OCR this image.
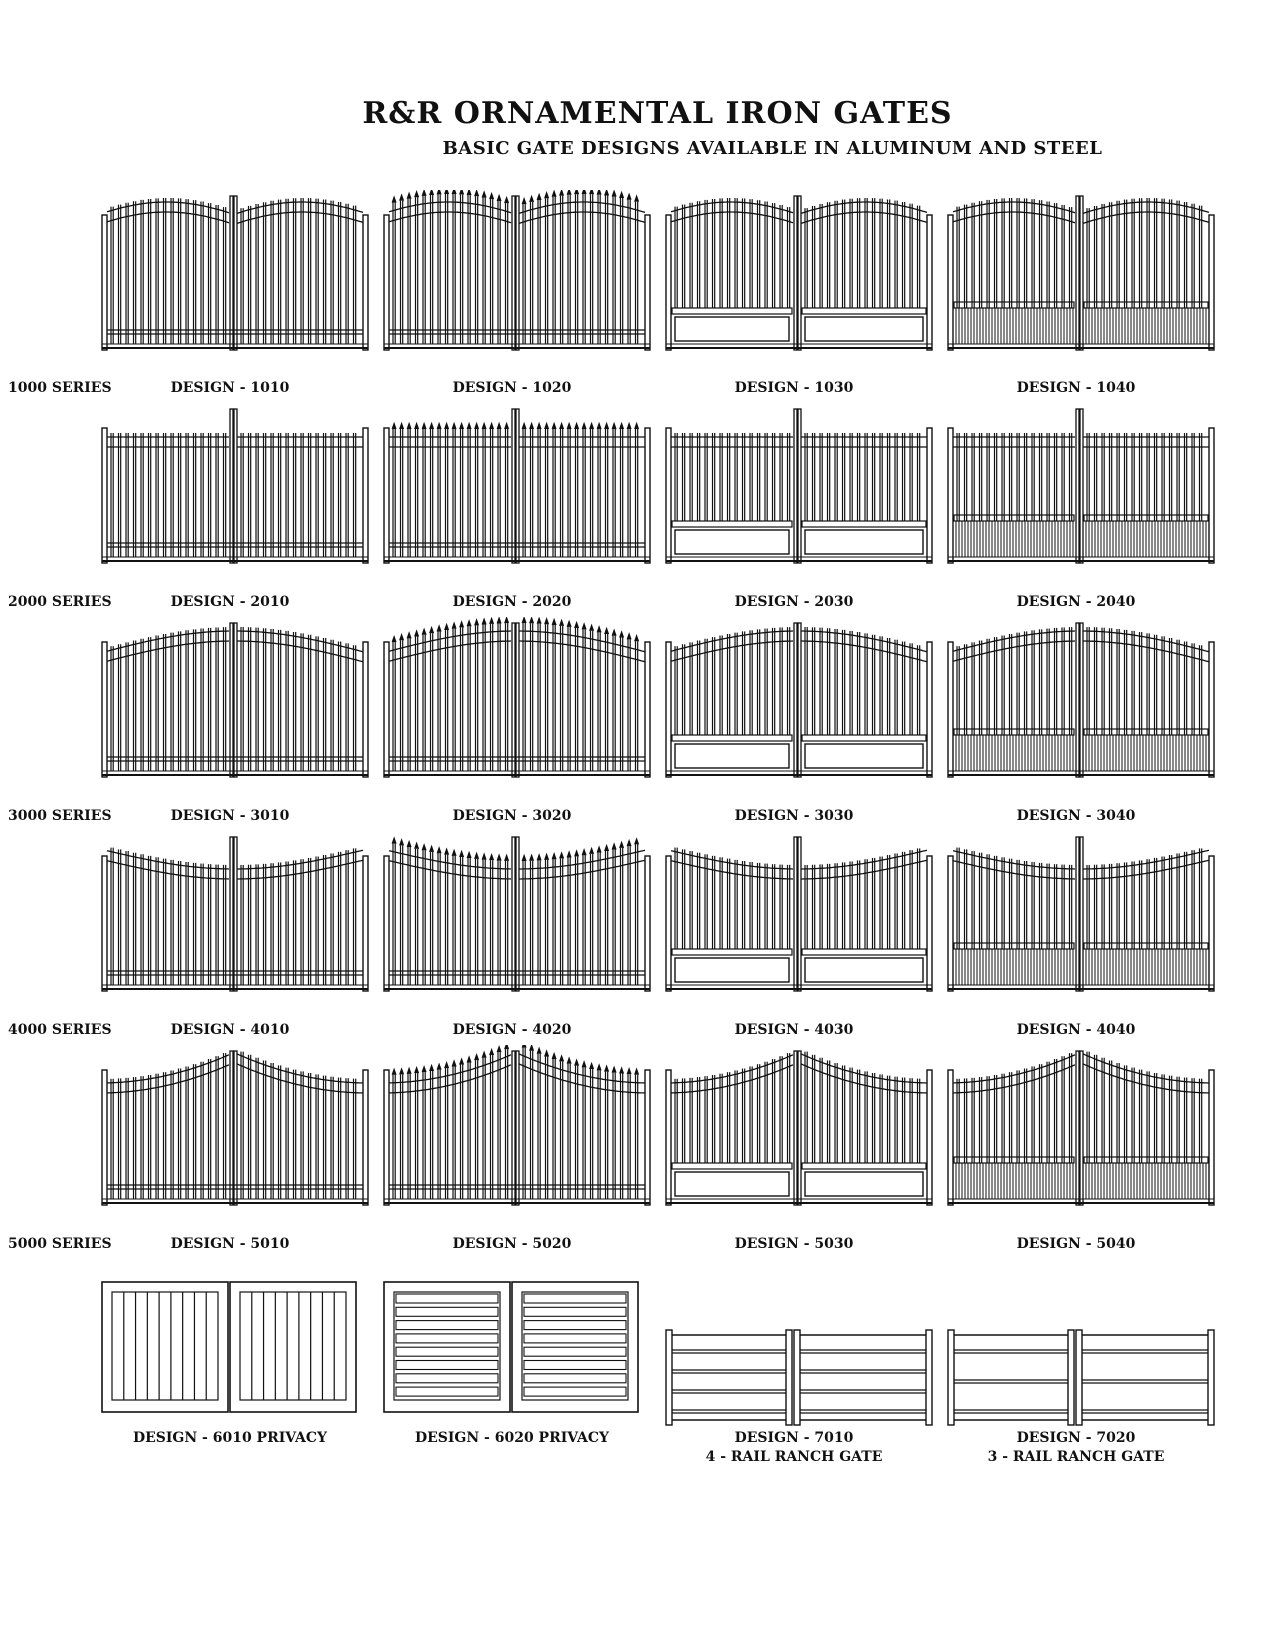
R&R ORNAMENTAL IRON GATES
BASIC GATE DESIGNS AVAILABLE IN ALUMINUM AND STEEL
1000 SERIES	DESIGN - 1010	DESIGN - 1020	DESIGN - 1030	DESIGN - 1040
2000 SERIES	DESIGN - 2010	DESIGN - 2020	DESIGN - 2030	DESIGN - 2040
3000 SERIES	DESIGN - 3010	DESIGN - 3020	DESIGN - 3030	DESIGN - 3040
4000 SERIES	DESIGN - 4010	DESIGN - 4020	DESIGN - 4030	DESIGN - 4040
5000 SERIES	DESIGN - 5010	DESIGN - 5020	DESIGN - 5030	DESIGN - 5040
DESIGN - 6010 PRIVACY	DESIGN - 6020 PRIVACY	DESIGN - 7010
4 - RAIL RANCH GATE
DESIGN - 7020
3 - RAIL RANCH GATE
